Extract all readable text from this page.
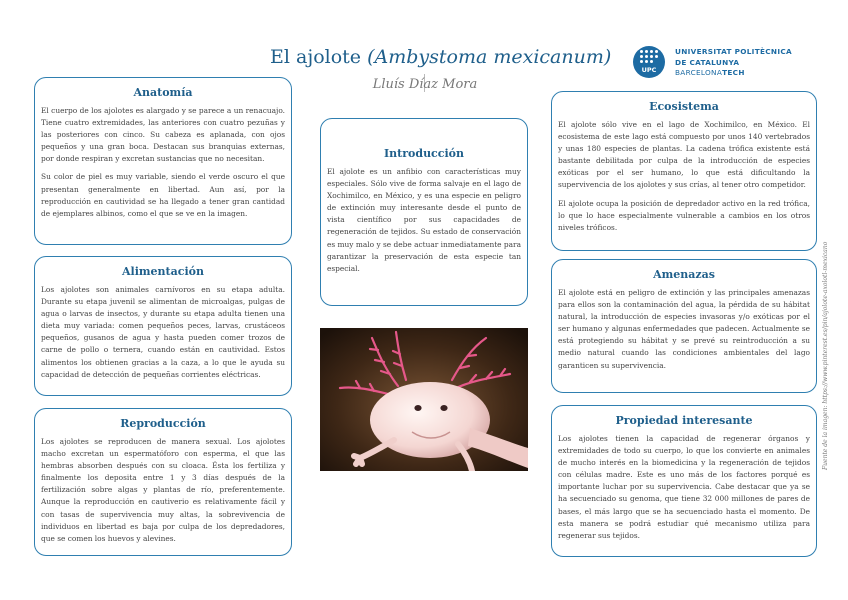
El ajolote (Ambystoma mexicanum)
Lluís Díaz Mora
UPC
UNIVERSITAT POLITÈCNICA
DE CATALUNYA
BARCELONATECH
Anatomía

El cuerpo de los ajolotes es alargado y se parece a un renacuajo. Tiene cuatro extremidades, las anteriores con cuatro pezuñas y las posteriores con cinco. Su cabeza es aplanada, con ojos pequeños y una gran boca. Destacan sus branquias externas, por donde respiran y excretan sustancias que no necesitan.

Su color de piel es muy variable, siendo el verde oscuro el que presentan generalmente en libertad. Aun así, por la reproducción en cautividad se ha llegado a tener gran cantidad de ejemplares albinos, como el que se ve en la imagen.

Alimentación

Los ajolotes son animales carnívoros en su etapa adulta. Durante su etapa juvenil se alimentan de microalgas, pulgas de agua o larvas de insectos, y durante su etapa adulta tienen una dieta muy variada: comen pequeños peces, larvas, crustáceos pequeños, gusanos de agua y hasta pueden comer trozos de carne de pollo o ternera, cuando están en cautividad. Estos alimentos los obtienen gracias a la caza, a lo que le ayuda su capacidad de detección de pequeñas corrientes eléctricas.

Reproducción

Los ajolotes se reproducen de manera sexual. Los ajolotes macho excretan un espermatóforo con esperma, el que las hembras absorben después con su cloaca. Ésta los fertiliza y finalmente los deposita entre 1 y 3 días después de la fertilización sobre algas y plantas de río, preferentemente. Aunque la reproducción en cautiverio es relativamente fácil y con tasas de supervivencia muy altas, la sobrevivencia de individuos en libertad es baja por culpa de los depredadores, que se comen los huevos y alevines.

Introducción

El ajolote es un anfibio con características muy especiales. Sólo vive de forma salvaje en el lago de Xochimilco, en México, y es una especie en peligro de extinción muy interesante desde el punto de vista científico por sus capacidades de regeneración de tejidos. Su estado de conservación es muy malo y se debe actuar inmediatamente para garantizar la preservación de esta especie tan especial.

Ecosistema

El ajolote sólo vive en el lago de Xochimilco, en México. El ecosistema de este lago está compuesto por unos 140 vertebrados y unas 180 especies de plantas. La cadena trófica existente está bastante debilitada por culpa de la introducción de especies exóticas por el ser humano, lo que está dificultando la supervivencia de los ajolotes y sus crías, al tener otro competidor.

El ajolote ocupa la posición de depredador activo en la red trófica, lo que lo hace especialmente vulnerable a cambios en los otros niveles tróficos.

Amenazas

El ajolote está en peligro de extinción y las principales amenazas para ellos son la contaminación del agua, la pérdida de su hábitat natural, la introducción de especies invasoras y/o exóticas por el ser humano y algunas enfermedades que padecen. Actualmente se está protegiendo su hábitat y se prevé su reintroducción a su medio natural cuando las condiciones ambientales del lago garanticen su supervivencia.

Propiedad interesante

Los ajolotes tienen la capacidad de regenerar órganos y extremidades de todo su cuerpo, lo que los convierte en animales de mucho interés en la biomedicina y la regeneración de tejidos con células madre. Este es uno más de los factores porqué es importante luchar por su supervivencia. Cabe destacar que ya se ha secuenciado su genoma, que tiene 32 000 millones de pares de bases, el más largo que se ha secuenciado hasta el momento. De esta manera se podrá estudiar qué mecanismo utiliza para regenerar sus tejidos.

Fuente de la imagen: https://www.pinterest.es/pin/ajolote-axolotl-mexicano
